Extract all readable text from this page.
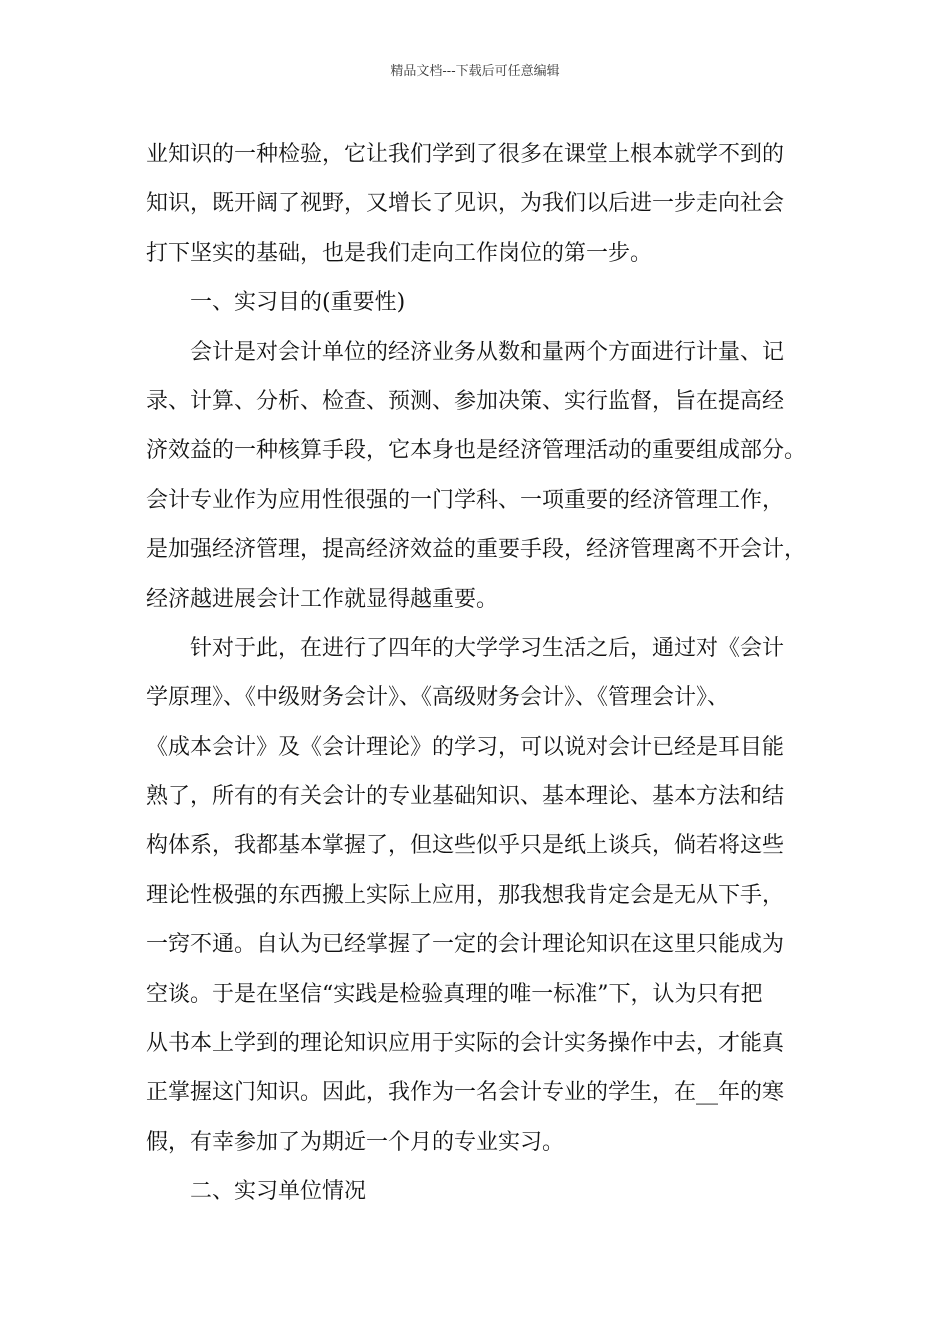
精品文档---下载后可任意编辑
业知识的一种检验，它让我们学到了很多在课堂上根本就学不到的
知识，既开阔了视野，又增长了见识，为我们以后进一步走向社会
打下坚实的基础，也是我们走向工作岗位的第一步。
一、实习目的(重要性)
会计是对会计单位的经济业务从数和量两个方面进行计量、记
录、计算、分析、检查、预测、参加决策、实行监督，旨在提高经
济效益的一种核算手段，它本身也是经济管理活动的重要组成部分。
会计专业作为应用性很强的一门学科、一项重要的经济管理工作，
是加强经济管理，提高经济效益的重要手段，经济管理离不开会计，
经济越进展会计工作就显得越重要。
针对于此，在进行了四年的大学学习生活之后，通过对《会计
学原理》、《中级财务会计》、《高级财务会计》、《管理会计》、
《成本会计》及《会计理论》的学习，可以说对会计已经是耳目能
熟了，所有的有关会计的专业基础知识、基本理论、基本方法和结
构体系，我都基本掌握了，但这些似乎只是纸上谈兵，倘若将这些
理论性极强的东西搬上实际上应用，那我想我肯定会是无从下手，
一窍不通。自认为已经掌握了一定的会计理论知识在这里只能成为
空谈。于是在坚信“实践是检验真理的唯一标准”下，认为只有把
从书本上学到的理论知识应用于实际的会计实务操作中去，才能真
正掌握这门知识。因此，我作为一名会计专业的学生，在__年的寒
假，有幸参加了为期近一个月的专业实习。
二、实习单位情况
